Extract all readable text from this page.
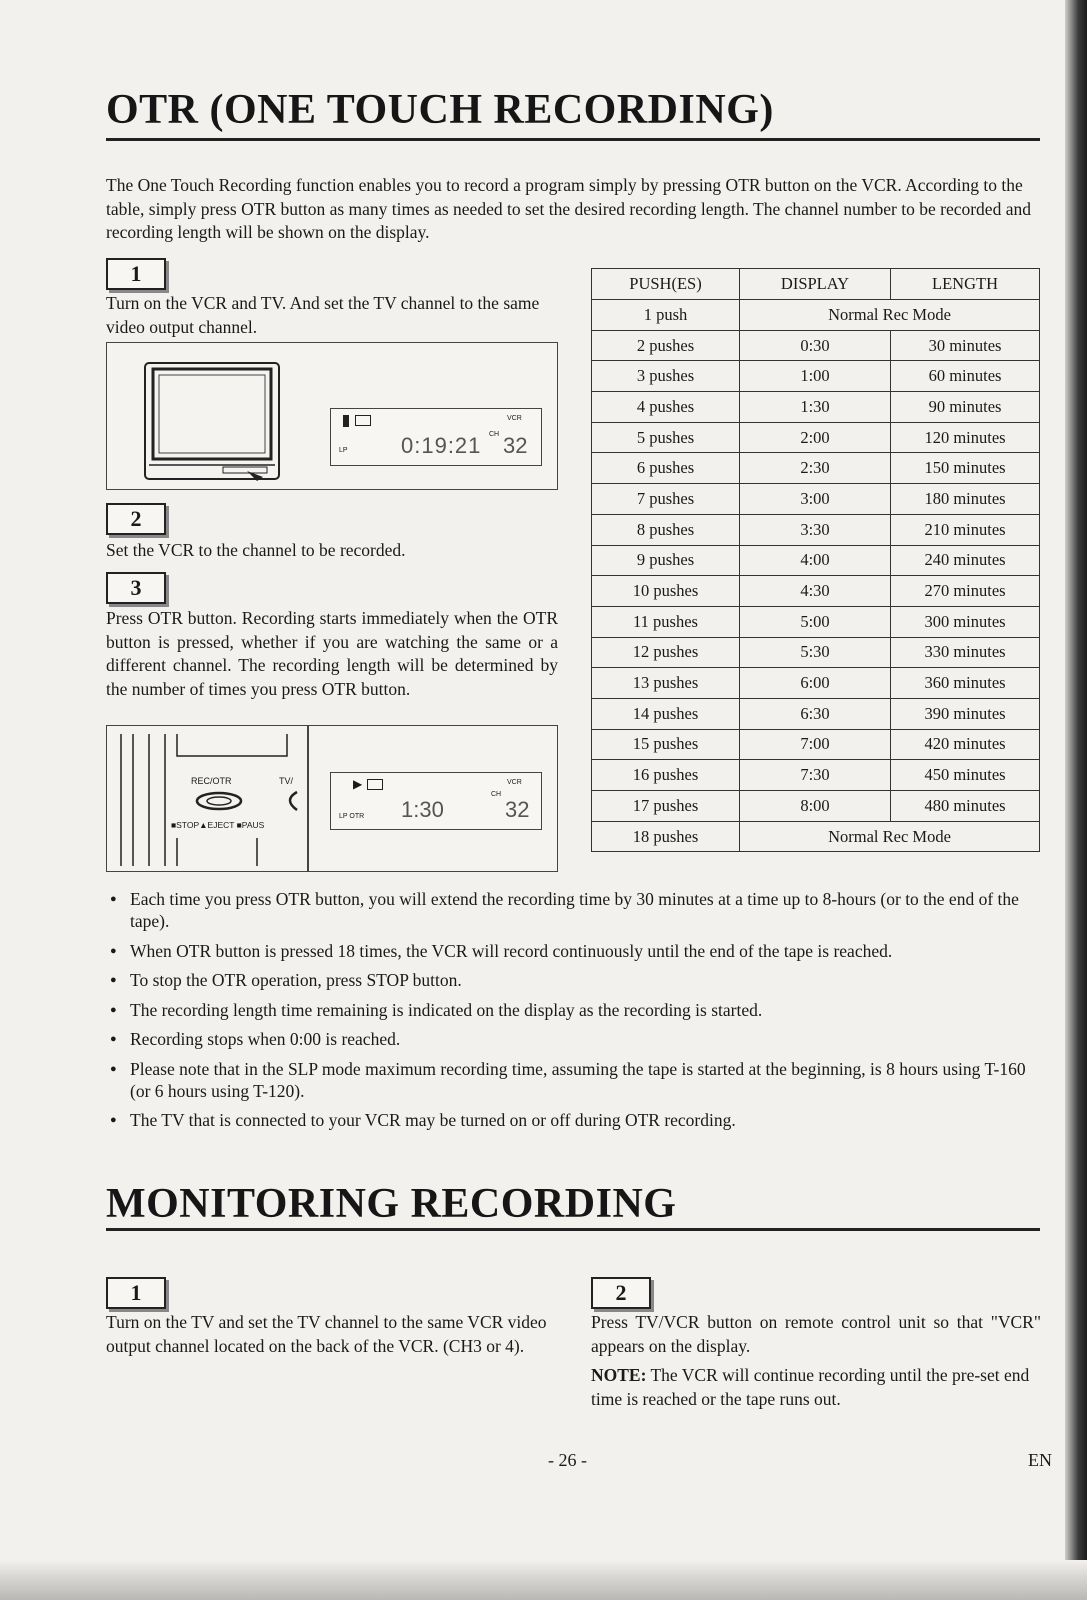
OTR (ONE TOUCH RECORDING)

The One Touch Recording function enables you to record a program simply by pressing OTR button on the VCR. According to the table, simply press OTR button as many times as needed to set the desired recording length. The channel number to be recorded and recording length will be shown on the display.

1

Turn on the VCR and TV. And set the TV channel to the same video output channel.

LP 0:19:21
VCR
CH 32
2

Set the VCR to the channel to be recorded.

3

Press OTR button. Recording starts immediately when the OTR button is pressed, whether if you are watching the same or a different channel. The recording length will be determined by the number of times you press OTR button.

REC/OTR	TV/
■STOP▲EJECT ■PAUS
▶
LP OTR 1:30
VCR
CH
32
PUSH(ES)	DISPLAY	LENGTH
1 push	Normal Rec Mode	
2 pushes	0:30	30 minutes
3 pushes	1:00	60 minutes
4 pushes	1:30	90 minutes
5 pushes	2:00	120 minutes
6 pushes	2:30	150 minutes
7 pushes	3:00	180 minutes
8 pushes	3:30	210 minutes
9 pushes	4:00	240 minutes
10 pushes	4:30	270 minutes
11 pushes	5:00	300 minutes
12 pushes	5:30	330 minutes
13 pushes	6:00	360 minutes
14 pushes	6:30	390 minutes
15 pushes	7:00	420 minutes
16 pushes	7:30	450 minutes
17 pushes	8:00	480 minutes
18 pushes	Normal Rec Mode	
● Each time you press OTR button, you will extend the recording time by 30 minutes at a time up to 8-hours (or to the end of the tape).
● When OTR button is pressed 18 times, the VCR will record continuously until the end of the tape is reached.
● To stop the OTR operation, press STOP button.
● The recording length time remaining is indicated on the display as the recording is started.
● Recording stops when 0:00 is reached.
● Please note that in the SLP mode maximum recording time, assuming the tape is started at the beginning, is 8 hours using T-160 (or 6 hours using T-120).
● The TV that is connected to your VCR may be turned on or off during OTR recording.
MONITORING RECORDING
1

Turn on the TV and set the TV channel to the same VCR video output channel located on the back of the VCR. (CH3 or 4).

2

Press TV/VCR button on remote control unit so that "VCR" appears on the display.

NOTE: The VCR will continue recording until the pre-set end time is reached or the tape runs out.

- 26 -	EN
